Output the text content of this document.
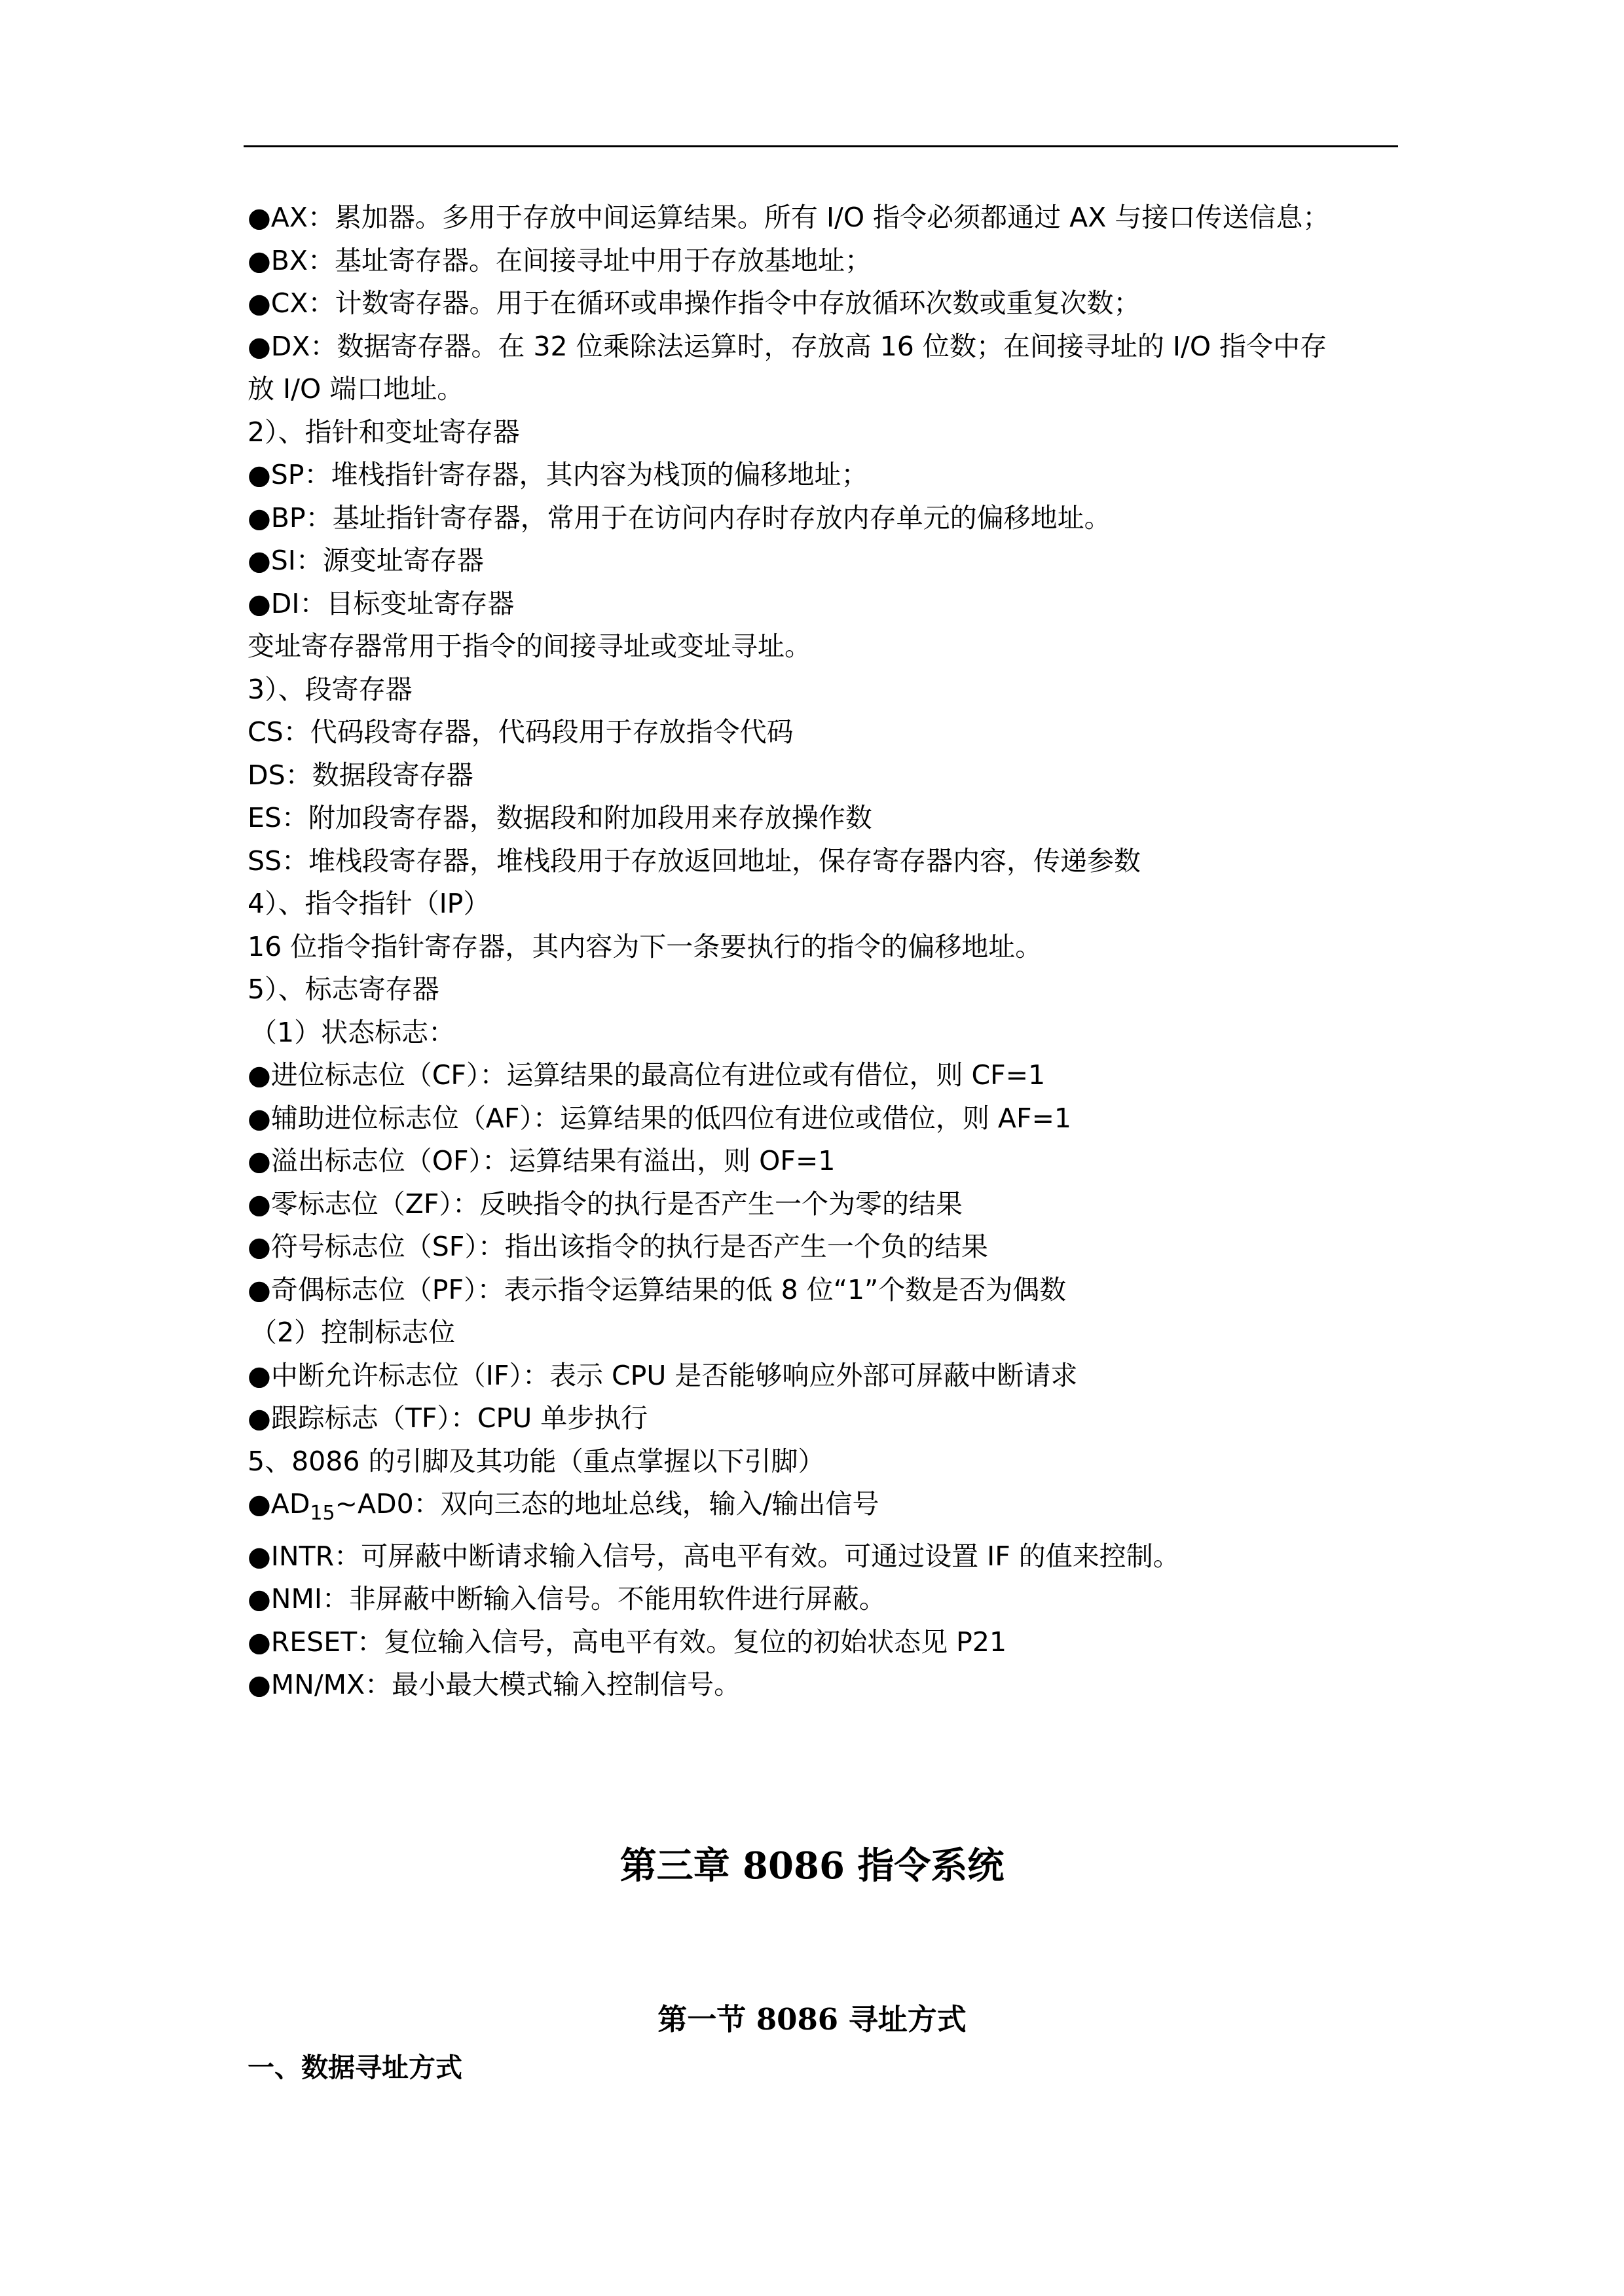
●AX：累加器。多用于存放中间运算结果。所有 I/O 指令必须都通过 AX 与接口传送信息；
●BX：基址寄存器。在间接寻址中用于存放基地址；
●CX：计数寄存器。用于在循环或串操作指令中存放循环次数或重复次数；
●DX：数据寄存器。在 32 位乘除法运算时，存放高 16 位数；在间接寻址的 I/O 指令中存
放 I/O 端口地址。
2）、指针和变址寄存器
●SP：堆栈指针寄存器，其内容为栈顶的偏移地址；
●BP：基址指针寄存器，常用于在访问内存时存放内存单元的偏移地址。
●SI：源变址寄存器
●DI：目标变址寄存器
变址寄存器常用于指令的间接寻址或变址寻址。
3）、段寄存器
CS：代码段寄存器，代码段用于存放指令代码
DS：数据段寄存器
ES：附加段寄存器，数据段和附加段用来存放操作数
SS：堆栈段寄存器，堆栈段用于存放返回地址，保存寄存器内容，传递参数
4）、指令指针（IP）
16 位指令指针寄存器，其内容为下一条要执行的指令的偏移地址。
5）、标志寄存器
（1）状态标志：
●进位标志位（CF）：运算结果的最高位有进位或有借位，则 CF=1
●辅助进位标志位（AF）：运算结果的低四位有进位或借位，则 AF=1
●溢出标志位（OF）：运算结果有溢出，则 OF=1
●零标志位（ZF）：反映指令的执行是否产生一个为零的结果
●符号标志位（SF）：指出该指令的执行是否产生一个负的结果
●奇偶标志位（PF）：表示指令运算结果的低 8 位“1”个数是否为偶数
（2）控制标志位
●中断允许标志位（IF）：表示 CPU 是否能够响应外部可屏蔽中断请求
●跟踪标志（TF）：CPU 单步执行
5、8086 的引脚及其功能（重点掌握以下引脚）
$●AD_{15}\sim AD0$：双向三态的地址总线，输入/输出信号
●INTR：可屏蔽中断请求输入信号，高电平有效。可通过设置 IF 的值来控制。
●NMI：非屏蔽中断输入信号。不能用软件进行屏蔽。
●RESET：复位输入信号，高电平有效。复位的初始状态见 P21
●MN/MX：最小最大模式输入控制信号。
第三章 8086 指令系统
第一节 8086 寻址方式
一、数据寻址方式
